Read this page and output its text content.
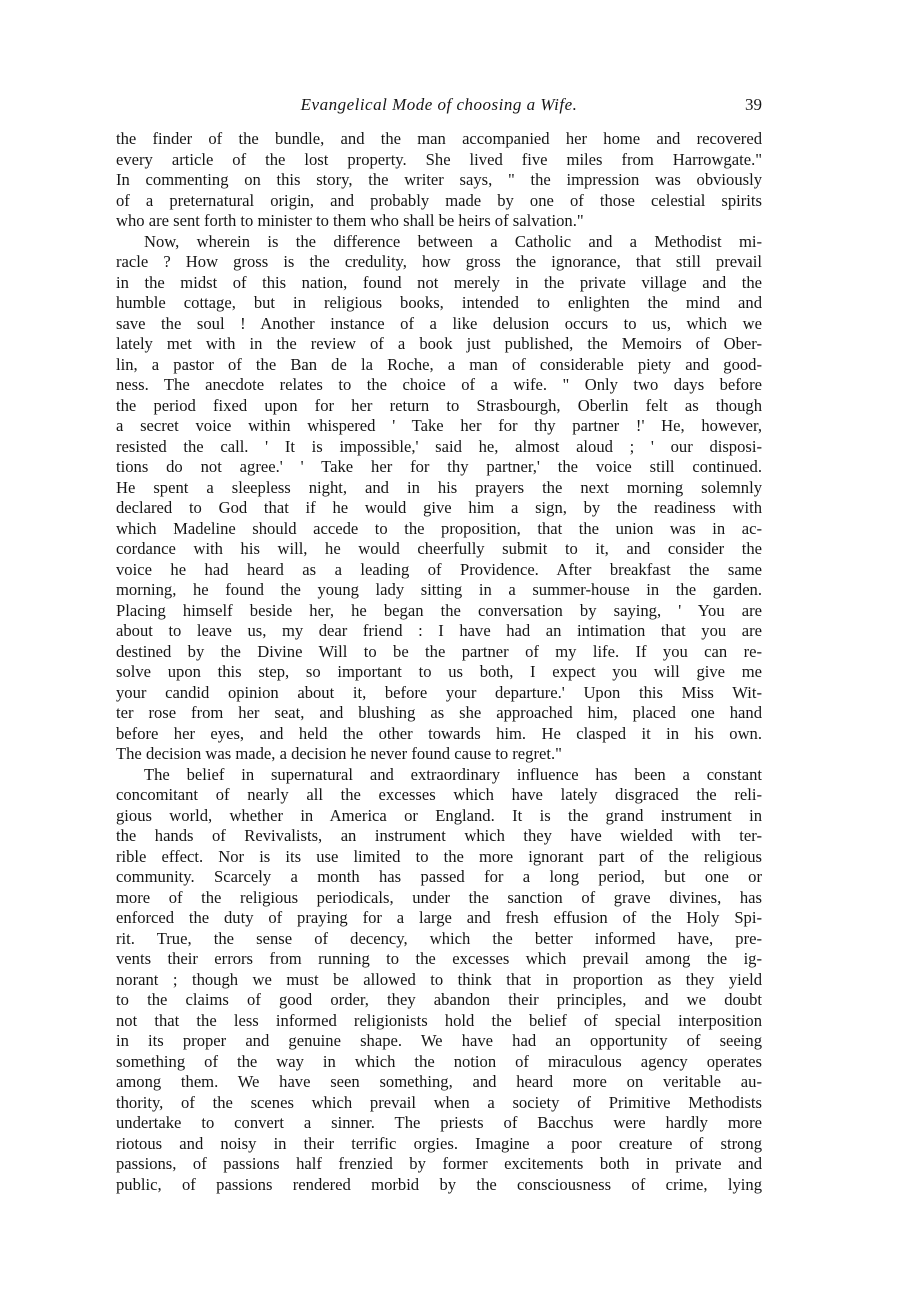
Evangelical Mode of choosing a Wife.	39

the finder of the bundle, and the man accompanied her home and recovered

every article of the lost property. She lived five miles from Harrowgate."

In commenting on this story, the writer says, " the impression was obviously

of a preternatural origin, and probably made by one of those celestial spirits

who are sent forth to minister to them who shall be heirs of salvation."

Now, wherein is the difference between a Catholic and a Methodist mi-

racle ? How gross is the credulity, how gross the ignorance, that still prevail

in the midst of this nation, found not merely in the private village and the

humble cottage, but in religious books, intended to enlighten the mind and

save the soul ! Another instance of a like delusion occurs to us, which we

lately met with in the review of a book just published, the Memoirs of Ober-

lin, a pastor of the Ban de la Roche, a man of considerable piety and good-

ness. The anecdote relates to the choice of a wife. " Only two days before

the period fixed upon for her return to Strasbourgh, Oberlin felt as though

a secret voice within whispered ' Take her for thy partner !' He, however,

resisted the call. ' It is impossible,' said he, almost aloud ; ' our disposi-

tions do not agree.' ' Take her for thy partner,' the voice still continued.

He spent a sleepless night, and in his prayers the next morning solemnly

declared to God that if he would give him a sign, by the readiness with

which Madeline should accede to the proposition, that the union was in ac-

cordance with his will, he would cheerfully submit to it, and consider the

voice he had heard as a leading of Providence. After breakfast the same

morning, he found the young lady sitting in a summer-house in the garden.

Placing himself beside her, he began the conversation by saying, ' You are

about to leave us, my dear friend : I have had an intimation that you are

destined by the Divine Will to be the partner of my life. If you can re-

solve upon this step, so important to us both, I expect you will give me

your candid opinion about it, before your departure.' Upon this Miss Wit-

ter rose from her seat, and blushing as she approached him, placed one hand

before her eyes, and held the other towards him. He clasped it in his own.

The decision was made, a decision he never found cause to regret."

The belief in supernatural and extraordinary influence has been a constant

concomitant of nearly all the excesses which have lately disgraced the reli-

gious world, whether in America or England. It is the grand instrument in

the hands of Revivalists, an instrument which they have wielded with ter-

rible effect. Nor is its use limited to the more ignorant part of the religious

community. Scarcely a month has passed for a long period, but one or

more of the religious periodicals, under the sanction of grave divines, has

enforced the duty of praying for a large and fresh effusion of the Holy Spi-

rit. True, the sense of decency, which the better informed have, pre-

vents their errors from running to the excesses which prevail among the ig-

norant ; though we must be allowed to think that in proportion as they yield

to the claims of good order, they abandon their principles, and we doubt

not that the less informed religionists hold the belief of special interposition

in its proper and genuine shape. We have had an opportunity of seeing

something of the way in which the notion of miraculous agency operates

among them. We have seen something, and heard more on veritable au-

thority, of the scenes which prevail when a society of Primitive Methodists

undertake to convert a sinner. The priests of Bacchus were hardly more

riotous and noisy in their terrific orgies. Imagine a poor creature of strong

passions, of passions half frenzied by former excitements both in private and

public, of passions rendered morbid by the consciousness of crime, lying
